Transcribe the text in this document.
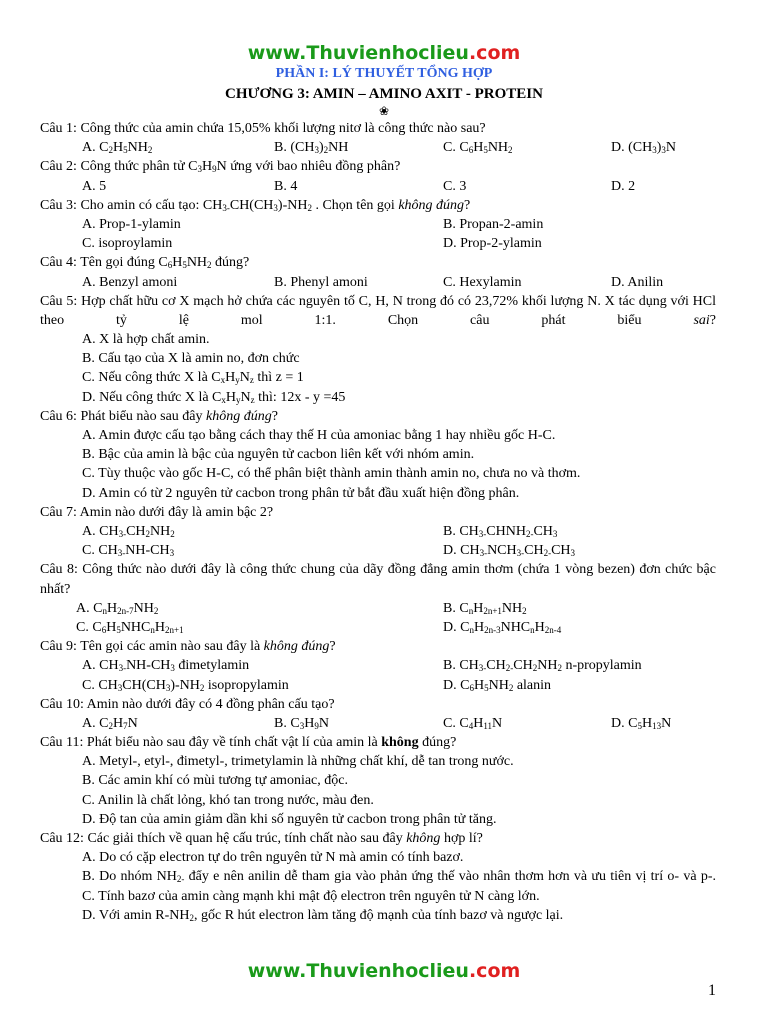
www.Thuvienhoclieu.com
PHẦN I: LÝ THUYẾT TỔNG HỢP
CHƯƠNG 3: AMIN – AMINO AXIT - PROTEIN
❀
Câu 1: Công thức của amin chứa 15,05% khối lượng nitơ là công thức nào sau?
A. $C_2H_5NH_2$	B. $(CH_3)_2NH$	C. $C_6H_5NH_2$	D. $(CH_3)_3N$
Câu 2: Công thức phân tử $C_3H_9N$ ứng với bao nhiêu đồng phân?
A. 5	B. 4	C. 3	D. 2
Câu 3: Cho amin có cấu tạo: $CH_{3-}CH(CH_3)-NH_2$ . Chọn tên gọi không đúng?
A. Prop-1-ylamin	B. Propan-2-amin
C. isoproylamin	D. Prop-2-ylamin
Câu 4: Tên gọi đúng $C_6H_5NH_2$ đúng?
A. Benzyl amoni	B. Phenyl amoni	C. Hexylamin	D. Anilin
Câu 5: Hợp chất hữu cơ X mạch hở chứa các nguyên tố C, H, N trong đó có 23,72% khối lượng N. X tác dụng với HCl theo tỷ lệ mol 1:1. Chọn câu phát biểu sai?
A. X là hợp chất amin.
B. Cấu tạo của X là amin no, đơn chức
C. Nếu công thức X là $C_xH_yN_z$ thì z = 1
D. Nếu công thức X là $C_xH_yN_z$ thì: 12x - y =45
Câu 6: Phát biểu nào sau đây không đúng?
A. Amin được cấu tạo bằng cách thay thế H của amoniac bằng 1 hay nhiều gốc H-C.
B. Bậc của amin là bậc của nguyên tử cacbon liên kết với nhóm amin.
C. Tùy thuộc vào gốc H-C, có thể phân biệt thành amin thành amin no, chưa no và thơm.
D. Amin có từ 2 nguyên tử cacbon trong phân tử bắt đầu xuất hiện đồng phân.
Câu 7: Amin nào dưới đây là amin bậc 2?
A. $CH_{3-}CH_2NH_2$	B. $CH_{3-}CHNH_{2-}CH_3$
C. $CH_{3-}NH-CH_3$	D. $CH_{3-}NCH_{3-}CH_{2-}CH_3$
Câu 8: Công thức nào dưới đây là công thức chung của dãy đồng đẳng amin thơm (chứa 1 vòng bezen) đơn chức bậc nhất?
A. $C_nH_{2n-7}NH_2$	B. $C_nH_{2n+1}NH_2$
C. $C_6H_5NHC_nH_{2n+1}$	D. $C_nH_{2n-3}NHC_nH_{2n-4}$
Câu 9: Tên gọi các amin nào sau đây là không đúng?
A. $CH_{3-}NH-CH_3$ đimetylamin	B. $CH_{3-}CH_{2-}CH_2NH_2$ n-propylamin
C. $CH_3CH(CH_3)-NH_2$ isopropylamin	D. $C_6H_5NH_2$ alanin
Câu 10: Amin nào dưới đây có 4 đồng phân cấu tạo?
A. $C_2H_7N$	B. $C_3H_9N$	C. $C_4H_{11}N$	D. $C_5H_{13}N$
Câu 11: Phát biểu nào sau đây về tính chất vật lí của amin là không đúng?
A. Metyl-, etyl-, đimetyl-, trimetylamin là những chất khí, dễ tan trong nước.
B. Các amin khí có mùi tương tự amoniac, độc.
C. Anilin là chất lỏng, khó tan trong nước, màu đen.
D. Độ tan của amin giảm dần khi số nguyên tử cacbon trong phân tử tăng.
Câu 12: Các giải thích về quan hệ cấu trúc, tính chất nào sau đây không hợp lí?
A. Do có cặp electron tự do trên nguyên tử N mà amin có tính bazơ.
B. Do nhóm $NH_{2-}$ đẩy e nên anilin dễ tham gia vào phản ứng thế vào nhân thơm hơn và ưu tiên vị trí o- và p-.
C. Tính bazơ của amin càng mạnh khi mật độ electron trên nguyên tử N càng lớn.
D. Với amin $R-NH_2$, gốc R hút electron làm tăng độ mạnh của tính bazơ và ngược lại.
www.Thuvienhoclieu.com
1
